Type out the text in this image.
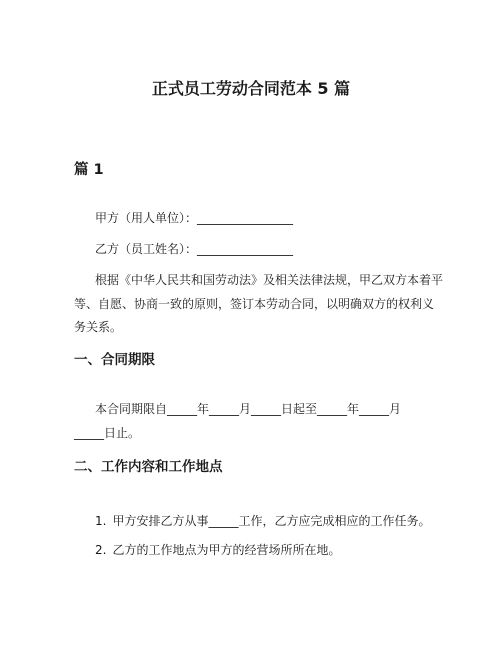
正式员工劳动合同范本 5 篇
篇 1

甲方（用人单位）：________________

乙方（员工姓名）：________________

根据《中华人民共和国劳动法》及相关法律法规，甲乙双方本着平
等、自愿、协商一致的原则，签订本劳动合同，以明确双方的权利义
务关系。
一、合同期限
本合同期限自_____年_____月_____日起至_____年_____月
_____日止。
二、工作内容和工作地点

1. 甲方安排乙方从事_____工作，乙方应完成相应的工作任务。

2. 乙方的工作地点为甲方的经营场所所在地。
